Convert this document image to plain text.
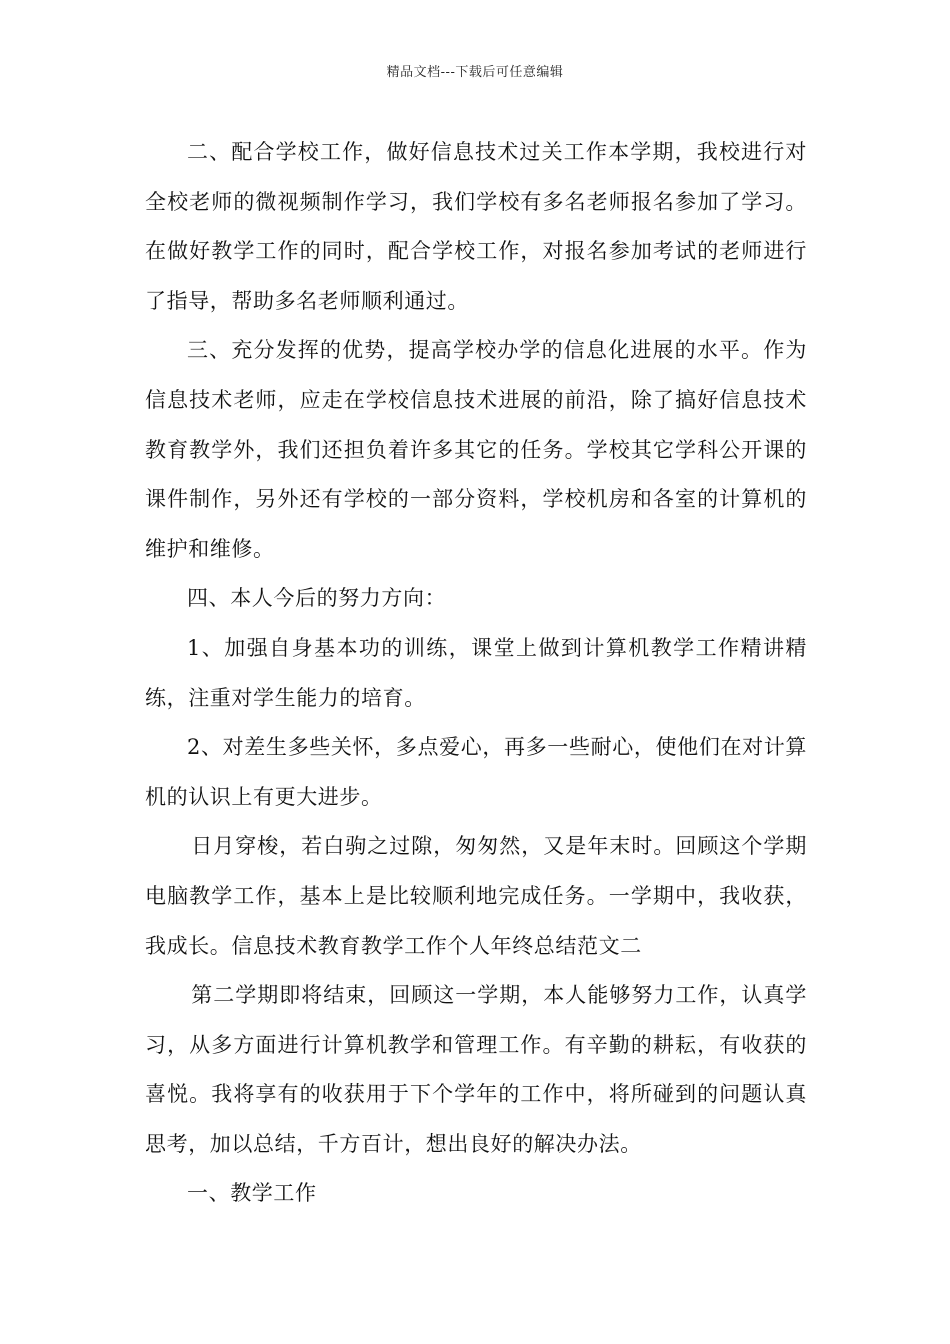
精品文档---下载后可任意编辑

二、配合学校工作，做好信息技术过关工作本学期，我校进行对全校老师的微视频制作学习，我们学校有多名老师报名参加了学习。在做好教学工作的同时，配合学校工作，对报名参加考试的老师进行了指导，帮助多名老师顺利通过。

三、充分发挥的优势，提高学校办学的信息化进展的水平。作为信息技术老师，应走在学校信息技术进展的前沿，除了搞好信息技术教育教学外，我们还担负着许多其它的任务。学校其它学科公开课的课件制作，另外还有学校的一部分资料，学校机房和各室的计算机的维护和维修。

四、本人今后的努力方向：

1、加强自身基本功的训练，课堂上做到计算机教学工作精讲精练，注重对学生能力的培育。

2、对差生多些关怀，多点爱心，再多一些耐心，使他们在对计算机的认识上有更大进步。

日月穿梭，若白驹之过隙，匆匆然，又是年末时。回顾这个学期电脑教学工作，基本上是比较顺利地完成任务。一学期中，我收获，我成长。信息技术教育教学工作个人年终总结范文二

第二学期即将结束，回顾这一学期，本人能够努力工作，认真学习，从多方面进行计算机教学和管理工作。有辛勤的耕耘，有收获的喜悦。我将享有的收获用于下个学年的工作中，将所碰到的问题认真思考，加以总结，千方百计，想出良好的解决办法。

一、教学工作
